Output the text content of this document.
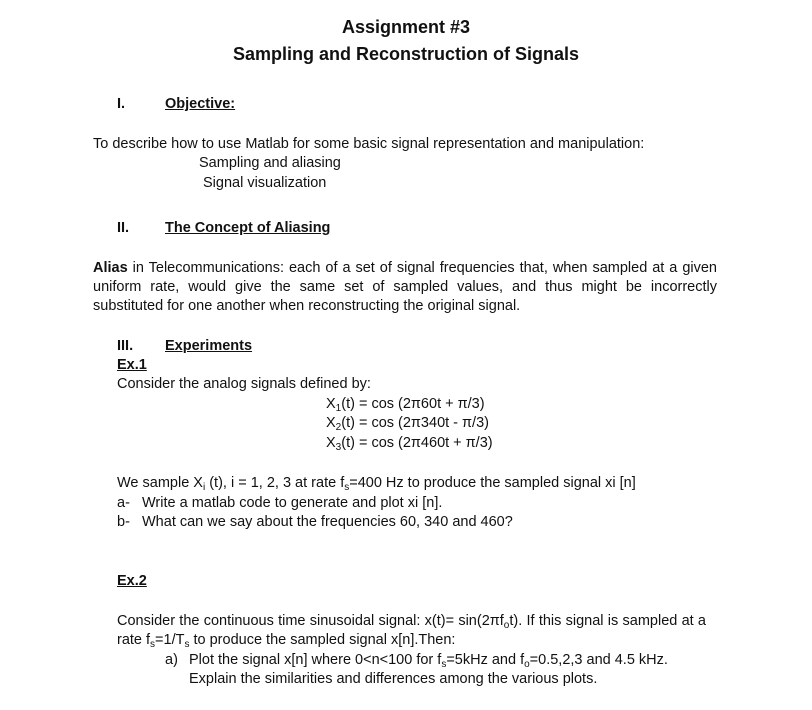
Assignment #3
Sampling and Reconstruction of Signals
I.	Objective:
To describe how to use Matlab for some basic signal representation and manipulation:
Sampling and aliasing
Signal visualization
II. The Concept of Aliasing
Alias in Telecommunications: each of a set of signal frequencies that, when sampled at a given
uniform rate, would give the same set of sampled values, and thus might be incorrectly
substituted for one another when reconstructing the original signal.
III. Experiments
Ex.1
Consider the analog signals defined by:
$X_1(t) = \cos (2\pi 60t + \pi/3)$
$X_2(t) = \cos (2\pi 340t - \pi/3)$
$X_3(t) = \cos (2\pi 460t + \pi/3)$
We sample $X_i$ (t), i = 1, 2, 3 at rate $f_s=400$ Hz to produce the sampled signal xi [n]
a- Write a matlab code to generate and plot xi [n].
b- What can we say about the frequencies 60, 340 and 460?
Ex.2
Consider the continuous time sinusoidal signal: $x(t)= \sin(2\pi f_ot)$. If this signal is sampled at a
rate $f_s=1/T_s$ to produce the sampled signal x[n].Then:
a) Plot the signal x[n] where 0<n<100 for $f_s=5kHz$ and $f_o=0.5,2,3$ and 4.5 kHz.
Explain the similarities and differences among the various plots.
